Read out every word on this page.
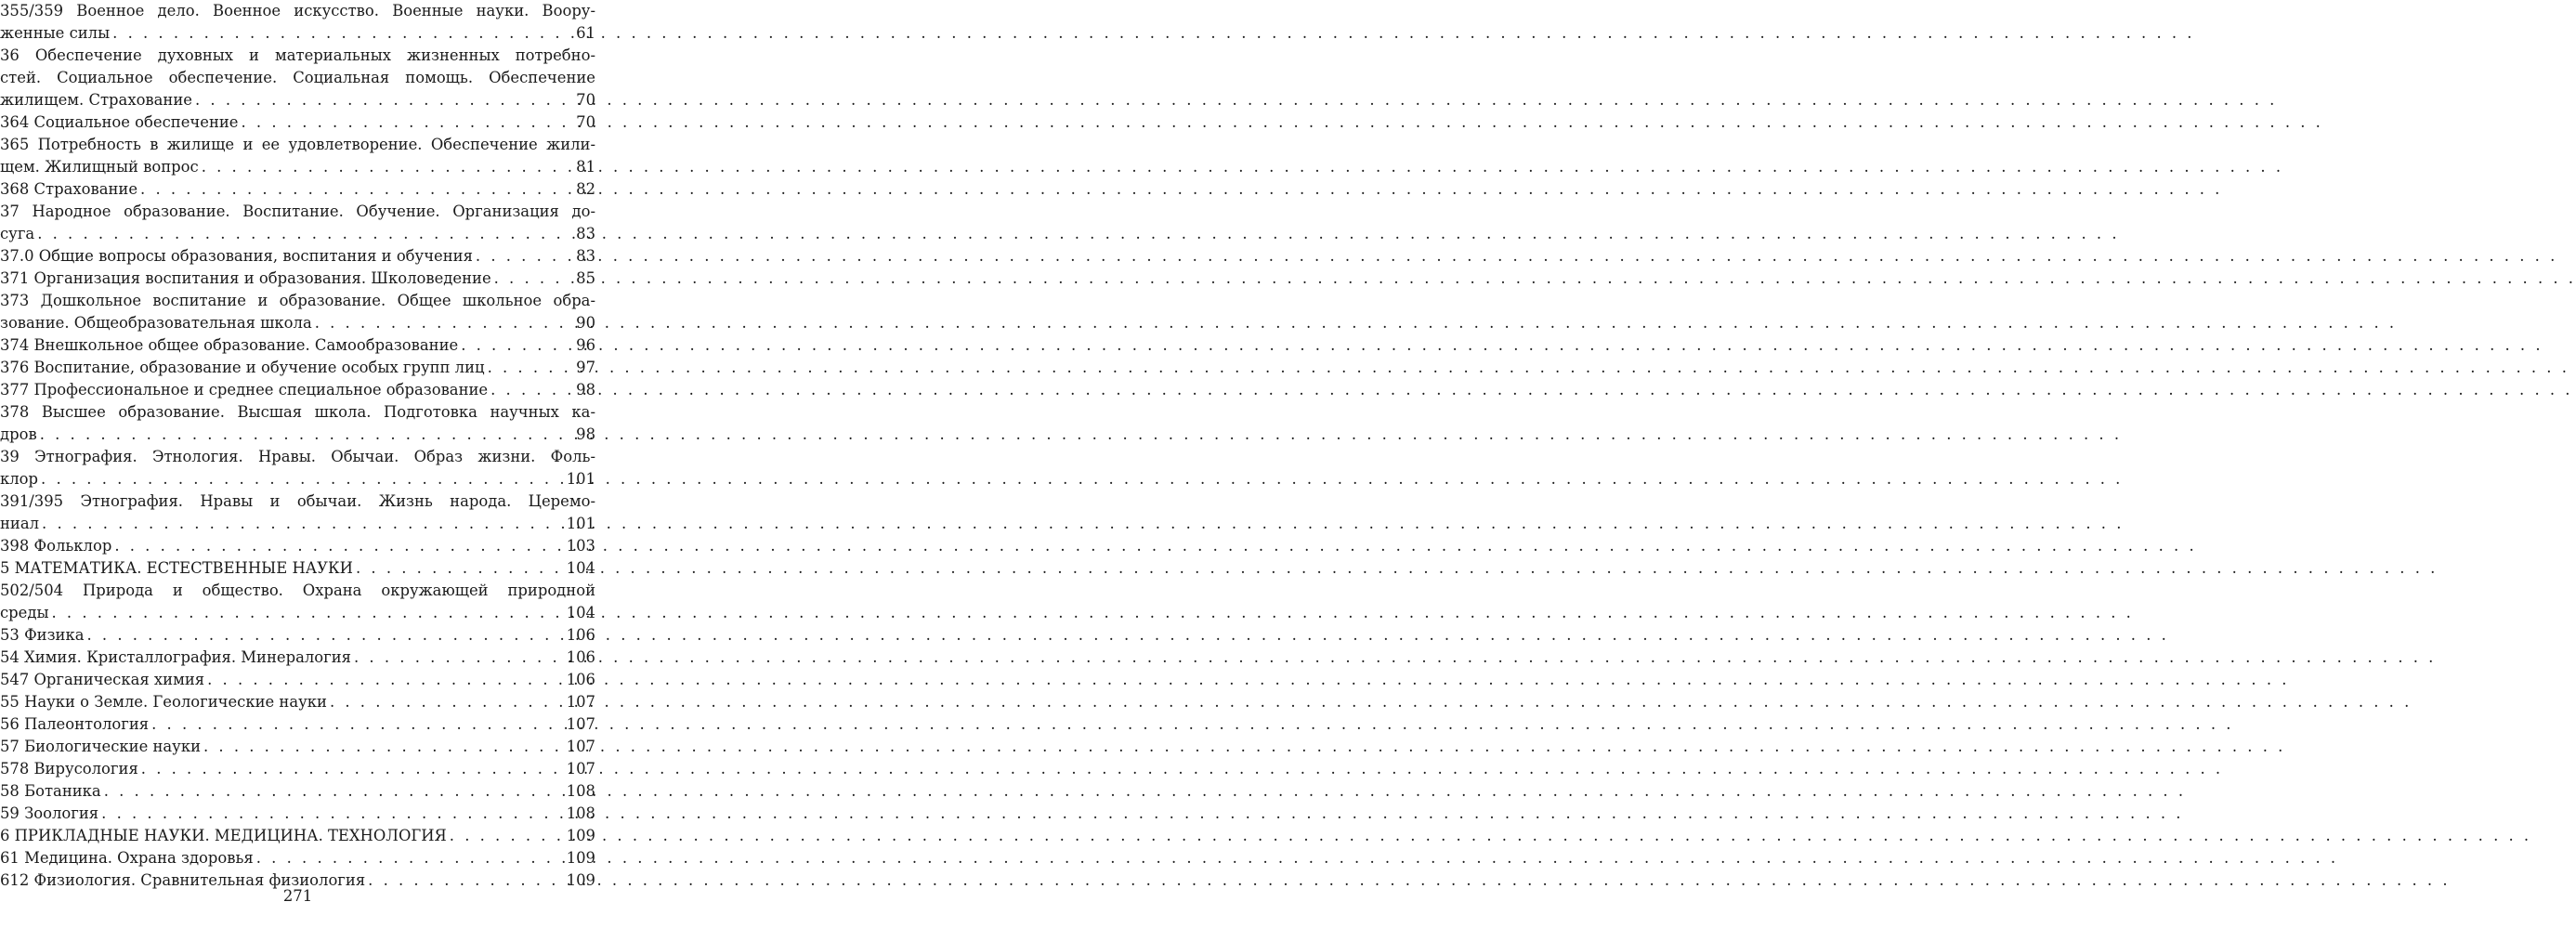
355/359 Военное дело. Военное искусство. Военные науки. Воору-
женные силы . . .	61
36 Обеспечение духовных и материальных жизненных потребно-
стей. Социальное обеспечение. Социальная помощь. Обеспечение
жилищем. Страхование . . .	70
364 Социальное обеспечение . . .	70
365 Потребность в жилище и ее удовлетворение. Обеспечение жили-
щем. Жилищный вопрос . . .	81
368 Страхование . . .	82
37 Народное образование. Воспитание. Обучение. Организация до-
суга . . .	83
37.0 Общие вопросы образования, воспитания и обучения . . .	83
371 Организация воспитания и образования. Школоведение . . .	85
373 Дошкольное воспитание и образование. Общее школьное обра-
зование. Общеобразовательная школа . . .	90
374 Внешкольное общее образование. Самообразование . . .	96
376 Воспитание, образование и обучение особых групп лиц . . .	97
377 Профессиональное и среднее специальное образование . . .	98
378 Высшее образование. Высшая школа. Подготовка научных ка-
дров . . .	98
39 Этнография. Этнология. Нравы. Обычаи. Образ жизни. Фоль-
клор . . .	101
391/395 Этнография. Нравы и обычаи. Жизнь народа. Церемо-
ниал . . .	101
398 Фольклор . . .	103
5 МАТЕМАТИКА. ЕСТЕСТВЕННЫЕ НАУКИ . . .	104
502/504 Природа и общество. Охрана окружающей природной
среды . . .	104
53 Физика . . .	106
54 Химия. Кристаллография. Минералогия . . .	106
547 Органическая химия . . .	106
55 Науки о Земле. Геологические науки . . .	107
56 Палеонтология . . .	107
57 Биологические науки . . .	107
578 Вирусология . . .	107
58 Ботаника . . .	108
59 Зоология . . .	108
6 ПРИКЛАДНЫЕ НАУКИ. МЕДИЦИНА. ТЕХНОЛОГИЯ . . .	109
61 Медицина. Охрана здоровья . . .	109
612 Физиология. Сравнительная физиология . . .	109
271
